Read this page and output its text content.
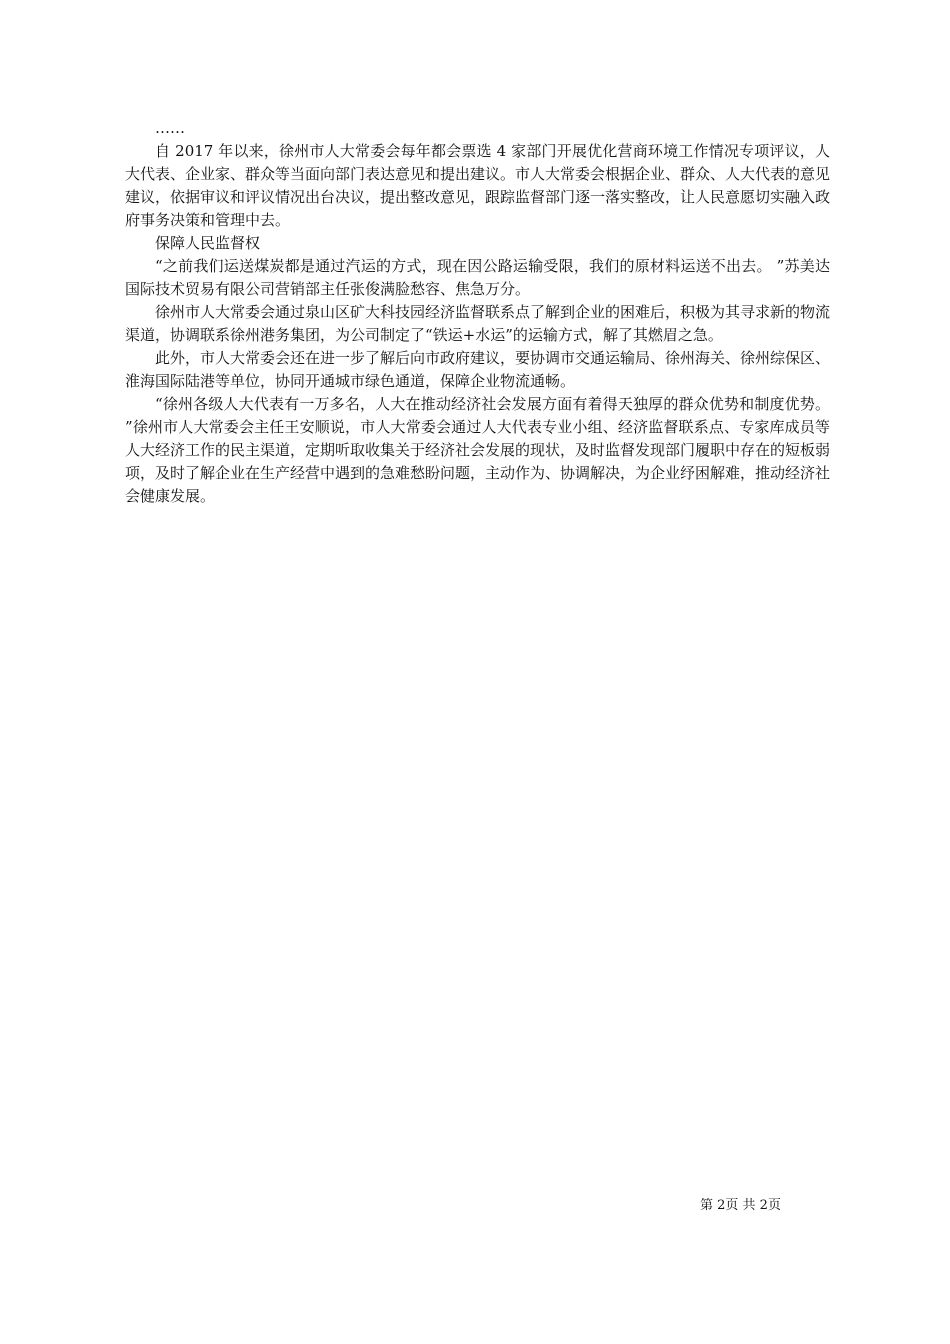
……

自 2017 年以来，徐州市人大常委会每年都会票选 4 家部门开展优化营商环境工作情况专项评议，人大代表、企业家、群众等当面向部门表达意见和提出建议。市人大常委会根据企业、群众、人大代表的意见建议，依据审议和评议情况出台决议，提出整改意见，跟踪监督部门逐一落实整改，让人民意愿切实融入政府事务决策和管理中去。

保障人民监督权

“之前我们运送煤炭都是通过汽运的方式，现在因公路运输受限，我们的原材料运送不出去。 ”苏美达国际技术贸易有限公司营销部主任张俊满脸愁容、焦急万分。

徐州市人大常委会通过泉山区矿大科技园经济监督联系点了解到企业的困难后，积极为其寻求新的物流渠道，协调联系徐州港务集团，为公司制定了“铁运+水运”的运输方式，解了其燃眉之急。

此外，市人大常委会还在进一步了解后向市政府建议，要协调市交通运输局、徐州海关、徐州综保区、淮海国际陆港等单位，协同开通城市绿色通道，保障企业物流通畅。

“徐州各级人大代表有一万多名，人大在推动经济社会发展方面有着得天独厚的群众优势和制度优势。 ”徐州市人大常委会主任王安顺说，市人大常委会通过人大代表专业小组、经济监督联系点、专家库成员等人大经济工作的民主渠道，定期听取收集关于经济社会发展的现状，及时监督发现部门履职中存在的短板弱项，及时了解企业在生产经营中遇到的急难愁盼问题，主动作为、协调解决，为企业纾困解难，推动经济社会健康发展。

第 2页 共 2页
